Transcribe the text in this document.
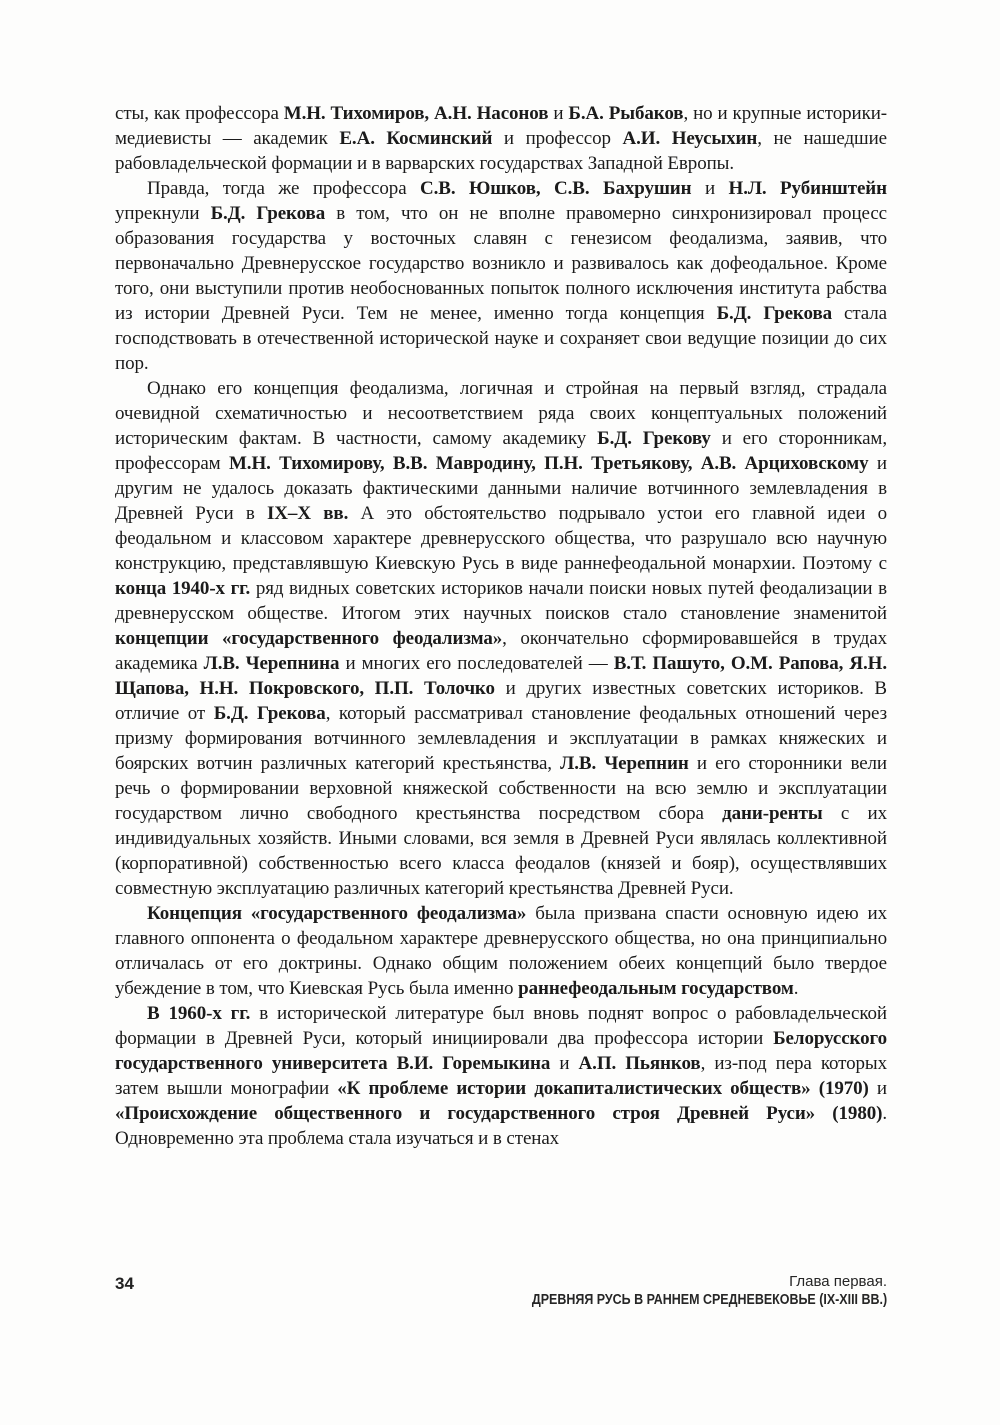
сты, как профессора М.Н. Тихомиров, А.Н. Насонов и Б.А. Рыбаков, но и крупные историки-медиевисты — академик Е.А. Косминский и профессор А.И. Неусыхин, не нашедшие рабовладельческой формации и в варварских государствах Западной Европы.

Правда, тогда же профессора С.В. Юшков, С.В. Бахрушин и Н.Л. Рубинштейн упрекнули Б.Д. Грекова в том, что он не вполне правомерно синхронизировал процесс образования государства у восточных славян с генезисом феодализма, заявив, что первоначально Древнерусское государство возникло и развивалось как дофеодальное. Кроме того, они выступили против необоснованных попыток полного исключения института рабства из истории Древней Руси. Тем не менее, именно тогда концепция Б.Д. Грекова стала господствовать в отечественной исторической науке и сохраняет свои ведущие позиции до сих пор.

Однако его концепция феодализма, логичная и стройная на первый взгляд, страдала очевидной схематичностью и несоответствием ряда своих концептуальных положений историческим фактам. В частности, самому академику Б.Д. Грекову и его сторонникам, профессорам М.Н. Тихомирову, В.В. Мавродину, П.Н. Третьякову, А.В. Арциховскому и другим не удалось доказать фактическими данными наличие вотчинного землевладения в Древней Руси в IX–X вв. А это обстоятельство подрывало устои его главной идеи о феодальном и классовом характере древнерусского общества, что разрушало всю научную конструкцию, представлявшую Киевскую Русь в виде раннефеодальной монархии. Поэтому с конца 1940-х гг. ряд видных советских историков начали поиски новых путей феодализации в древнерусском обществе. Итогом этих научных поисков стало становление знаменитой концепции «государственного феодализма», окончательно сформировавшейся в трудах академика Л.В. Черепнина и многих его последователей — В.Т. Пашуто, О.М. Рапова, Я.Н. Щапова, Н.Н. Покровского, П.П. Толочко и других известных советских историков. В отличие от Б.Д. Грекова, который рассматривал становление феодальных отношений через призму формирования вотчинного землевладения и эксплуатации в рамках княжеских и боярских вотчин различных категорий крестьянства, Л.В. Черепнин и его сторонники вели речь о формировании верховной княжеской собственности на всю землю и эксплуатации государством лично свободного крестьянства посредством сбора дани-ренты с их индивидуальных хозяйств. Иными словами, вся земля в Древней Руси являлась коллективной (корпоративной) собственностью всего класса феодалов (князей и бояр), осуществлявших совместную эксплуатацию различных категорий крестьянства Древней Руси.

Концепция «государственного феодализма» была призвана спасти основную идею их главного оппонента о феодальном характере древнерусского общества, но она принципиально отличалась от его доктрины. Однако общим положением обеих концепций было твердое убеждение в том, что Киевская Русь была именно раннефеодальным государством.

В 1960-х гг. в исторической литературе был вновь поднят вопрос о рабовладельческой формации в Древней Руси, который инициировали два профессора истории Белорусского государственного университета В.И. Горемыкина и А.П. Пьянков, из-под пера которых затем вышли монографии «К проблеме истории докапиталистических обществ» (1970) и «Происхождение общественного и государственного строя Древней Руси» (1980). Одновременно эта проблема стала изучаться и в стенах

34	Глава первая.
ДРЕВНЯЯ РУСЬ В РАННЕМ СРЕДНЕВЕКОВЬЕ (IX-XIII ВВ.)
